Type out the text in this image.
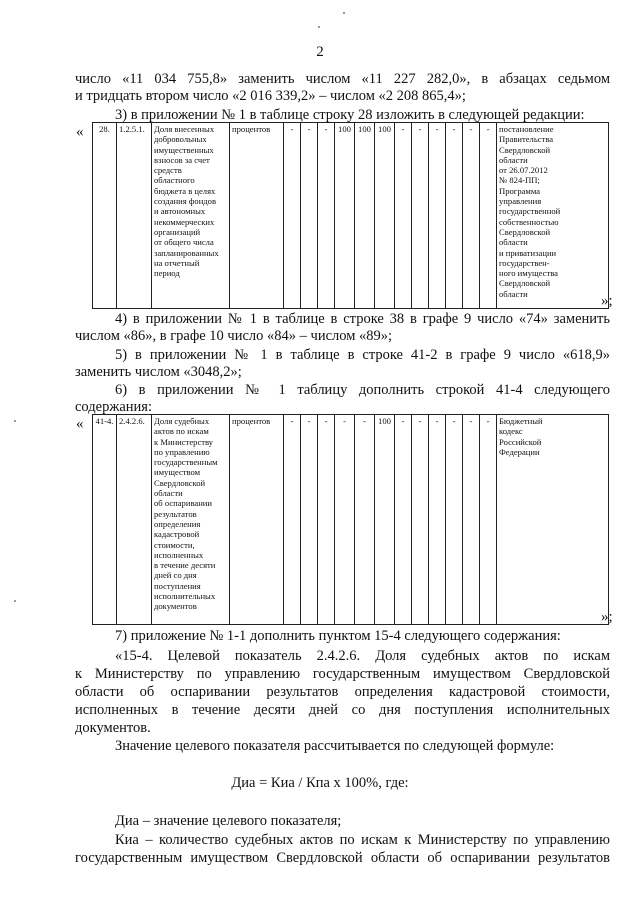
2
число «11 034 755,8» заменить числом «11 227 282,0», в абзацах седьмом
и тридцать втором число «2 016 339,2» – числом «2 208 865,4»;
3) в приложении № 1 в таблице строку 28 изложить в следующей редакции:
« 28.	1.2.5.1.	Доля внесенных
добровольных
имущественных
взносов за счет
средств
областного
бюджета в целях
создания фондов
и автономных
некоммерческих
организаций
от общего числа
запланированных
на отчетный
период	процентов	-	-	-	100	100	100	-	-	-	-	-	-	постановление
Правительства
Свердловской
области
от 26.07.2012
№ 824-ПП;
Программа
управления
государственной
собственностью
Свердловской
области
и приватизации
государствен-
ного имущества
Свердловской
области	»;
4) в приложении № 1 в таблице в строке 38 в графе 9 число «74» заменить
числом «86», в графе 10 число «84» – числом «89»;
5) в приложении № 1 в таблице в строке 41-2 в графе 9 число «618,9»
заменить числом «3048,2»;
6) в приложении № 1 таблицу дополнить строкой 41-4 следующего
содержания:
« 41-4.	2.4.2.6.	Доля судебных
актов по искам
к Министерству
по управлению
государственным
имуществом
Свердловской
области
об оспаривании
результатов
определения
кадастровой
стоимости,
исполненных
в течение десяти
дней со дня
поступления
исполнительных
документов	процентов	-	-	-	-	-	100	-	-	-	-	-	-	Бюджетный
кодекс
Российской
Федерации
»;
7) приложение № 1-1 дополнить пунктом 15-4 следующего содержания:
«15-4. Целевой показатель 2.4.2.6. Доля судебных актов по искам
к Министерству по управлению государственным имуществом Свердловской
области об оспаривании результатов определения кадастровой стоимости,
исполненных в течение десяти дней со дня поступления исполнительных
документов.
Значение целевого показателя рассчитывается по следующей формуле:
Диа = Киа / Кпа х 100%, где:
Диа – значение целевого показателя;
Киа – количество судебных актов по искам к Министерству по управлению
государственным имуществом Свердловской области об оспаривании результатов
